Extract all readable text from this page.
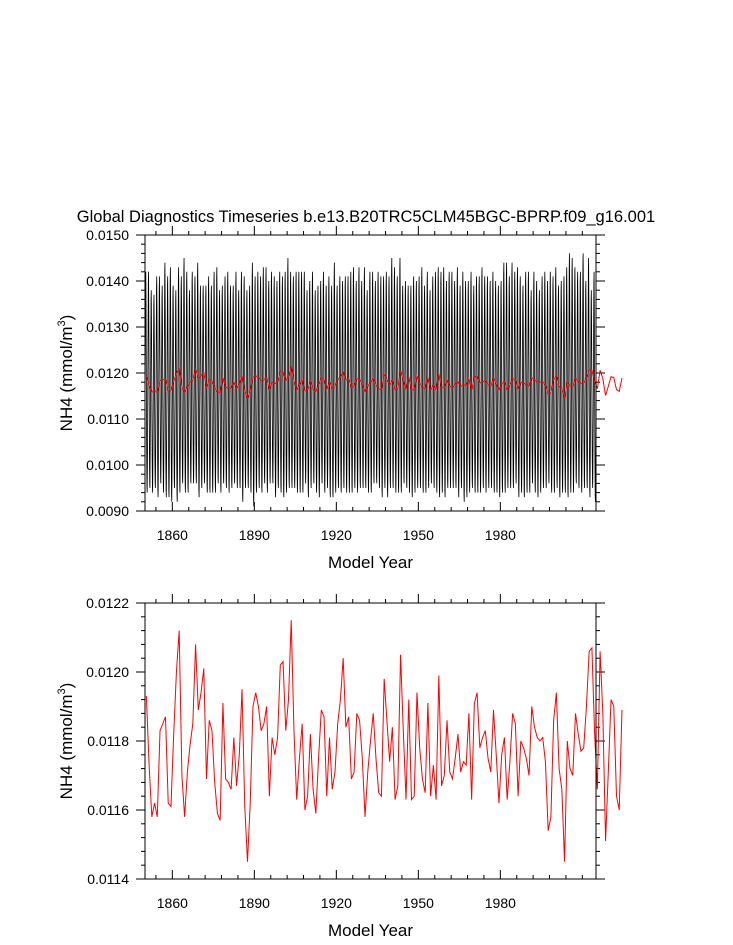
Global Diagnostics Timeseries b.e13.B20TRC5CLM45BGC-BPRP.f09_g16.001
1860	1890	1920	1950	1980
0.0090
0.0100
0.0110
0.0120
0.0130
0.0140
0.0150
Model Year
NH4 $(mmol/m^3)$
1860	1890	1920	1950	1980
0.0114
0.0116
0.0118
0.0120
0.0122
Model Year
NH4 $(mmol/m^3)$
